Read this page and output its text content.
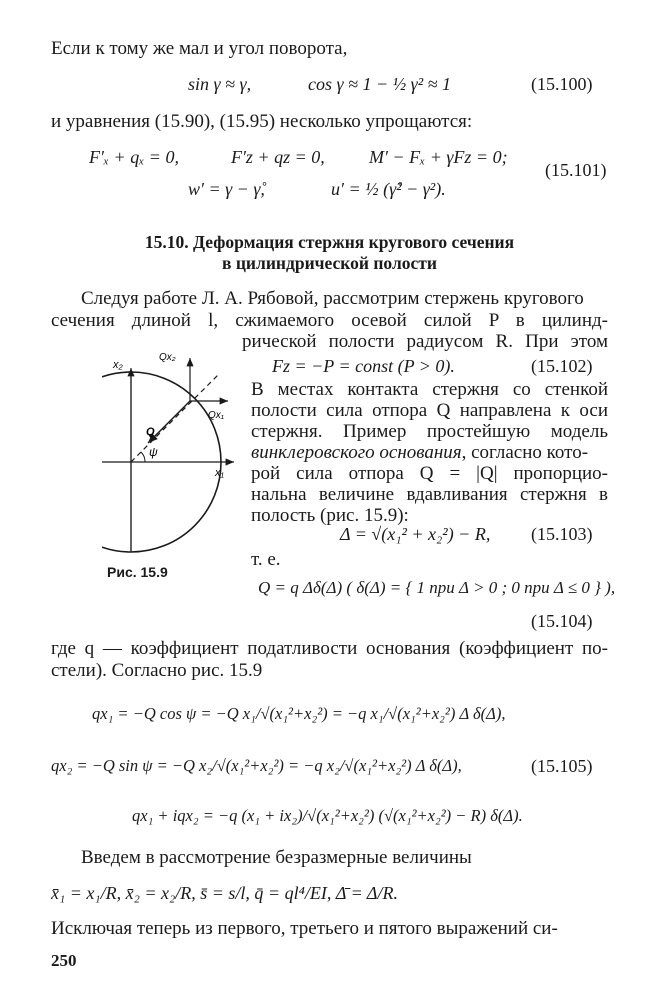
Если к тому же мал и угол поворота,
sin γ ≈ γ,	cos γ ≈ 1 − ½ γ² ≈ 1	(15.100)
и уравнения (15.90), (15.95) несколько упрощаются:
F′ₓ + qₓ = 0,	F′z + qz = 0, M′ − Fₓ + γFz = 0;
w′ = γ − γ̊,	u′ = ½ (γ̊² − γ²).
(15.101)
15.10. Деформация стержня кругового сечения
в цилиндрической полости
Следуя работе Л. А. Рябовой, рассмотрим стержень кругового
сечения длиной l, сжимаемого осевой силой P в цилинд-
рической полости радиусом R. При этом
Fz = −P = const (P > 0).	(15.102)
x₂
x₁
Qx₂
Qx₁
Q
ψ
Рис. 15.9
В местах контакта стержня со стенкой
полости сила отпора Q направлена к оси
стержня. Пример простейшую модель
винклеровского основания, согласно кото-
рой сила отпора Q = |Q| пропорцио-
нальна величине вдавливания стержня в
полость (рис. 15.9):
Δ = √(x₁² + x₂²) − R, (15.103)
т. е.
Q = q Δδ(Δ) ( δ(Δ) = { 1 при Δ > 0 ; 0 при Δ ≤ 0 } ),
(15.104)
где q — коэффициент податливости основания (коэффициент по-
стели). Согласно рис. 15.9
qx₁ = −Q cos ψ = −Q x₁/√(x₁²+x₂²) = −q x₁/√(x₁²+x₂²) Δ δ(Δ),
qx₂ = −Q sin ψ = −Q x₂/√(x₁²+x₂²) = −q x₂/√(x₁²+x₂²) Δ δ(Δ),	(15.105)
qx₁ + iqx₂ = −q (x₁ + ix₂)/√(x₁²+x₂²) (√(x₁²+x₂²) − R) δ(Δ).
Введем в рассмотрение безразмерные величины
x̄₁ = x₁/R, x̄₂ = x₂/R, s̄ = s/l, q̄ = ql⁴/EI, Δ̄ = Δ/R.
Исключая теперь из первого, третьего и пятого выражений си-
250
